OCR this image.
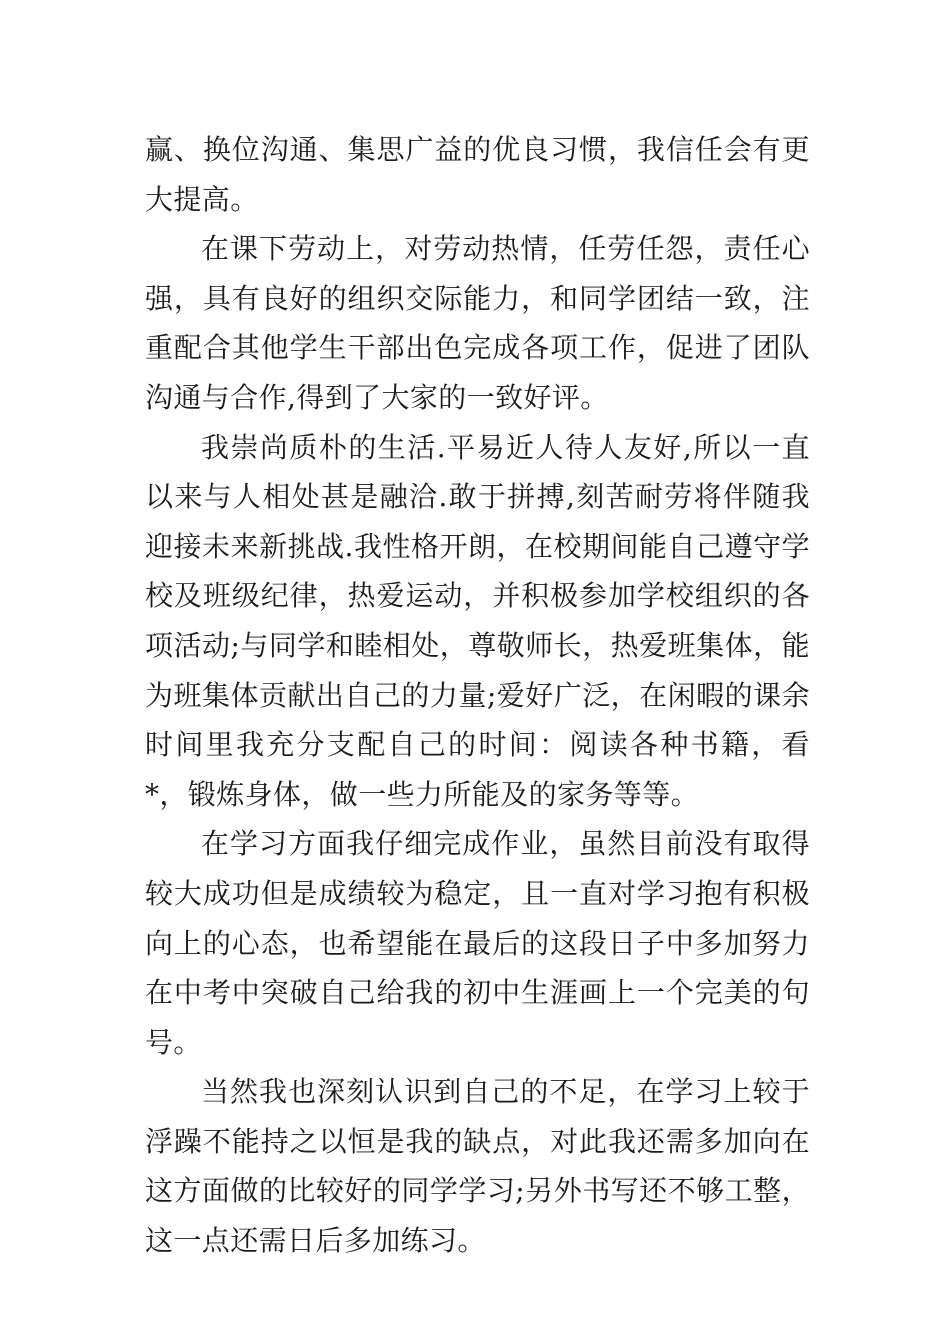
赢、换位沟通、集思广益的优良习惯，我信任会有更大提高。

在课下劳动上，对劳动热情，任劳任怨，责任心强，具有良好的组织交际能力，和同学团结一致，注重配合其他学生干部出色完成各项工作，促进了团队沟通与合作,得到了大家的一致好评。

我崇尚质朴的生活.平易近人待人友好,所以一直以来与人相处甚是融洽.敢于拼搏,刻苦耐劳将伴随我迎接未来新挑战.我性格开朗，在校期间能自己遵守学校及班级纪律，热爱运动，并积极参加学校组织的各项活动;与同学和睦相处，尊敬师长，热爱班集体，能为班集体贡献出自己的力量;爱好广泛，在闲暇的课余时间里我充分支配自己的时间：阅读各种书籍，看*，锻炼身体，做一些力所能及的家务等等。

在学习方面我仔细完成作业，虽然目前没有取得较大成功但是成绩较为稳定，且一直对学习抱有积极向上的心态，也希望能在最后的这段日子中多加努力在中考中突破自己给我的初中生涯画上一个完美的句号。

当然我也深刻认识到自己的不足，在学习上较于浮躁不能持之以恒是我的缺点，对此我还需多加向在这方面做的比较好的同学学习;另外书写还不够工整，这一点还需日后多加练习。
